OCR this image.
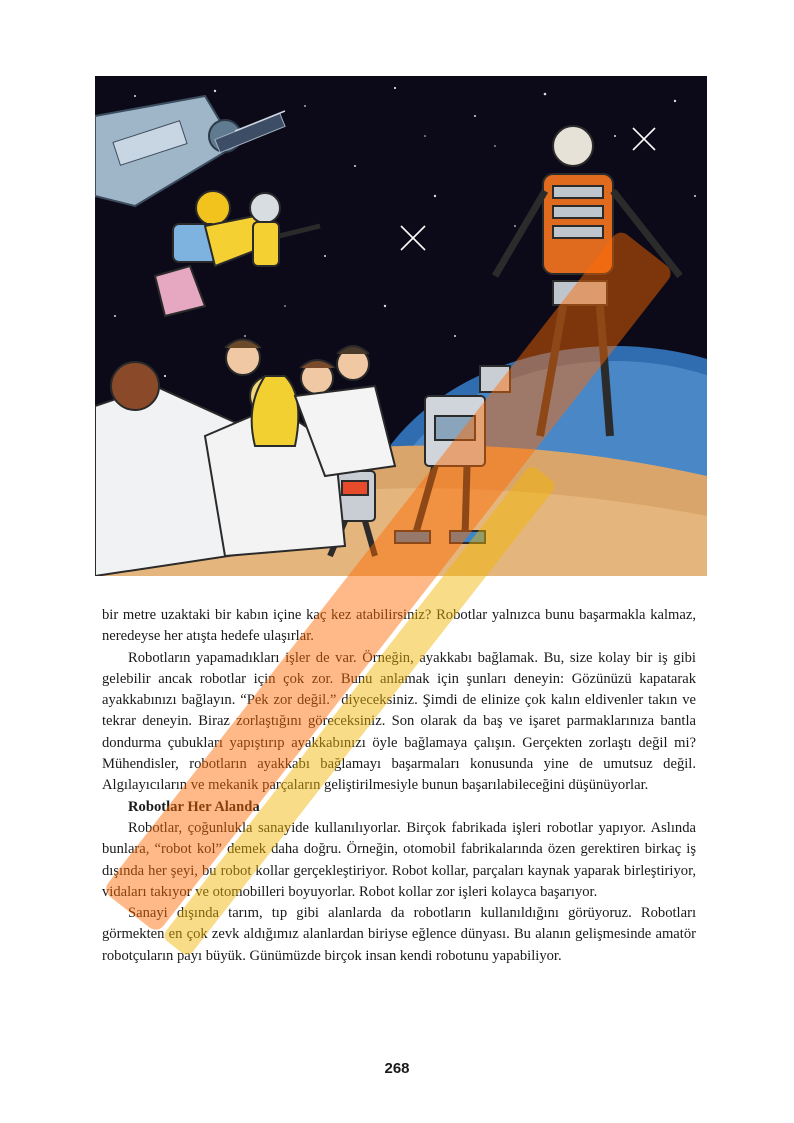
bir metre uzaktaki bir kabın içine kaç kez atabilirsiniz? Robotlar yalnızca bunu başarmakla kalmaz, neredeyse her atışta hedefe ulaşırlar.

Robotların yapamadıkları işler de var. Örneğin, ayakkabı bağlamak. Bu, size kolay bir iş gibi gelebilir ancak robotlar için çok zor. Bunu anlamak için şunları deneyin: Gözünüzü kapatarak ayakkabınızı bağlayın. “Pek zor değil.” diyeceksiniz. Şimdi de elinize çok kalın eldivenler takın ve tekrar deneyin. Biraz zorlaştığını göreceksiniz. Son olarak da baş ve işaret parmaklarınıza bantla dondurma çubukları yapıştırıp ayakkabınızı öyle bağlamaya çalışın. Gerçekten zorlaştı değil mi? Mühendisler, robotların ayakkabı bağlamayı başarmaları konusunda yine de umutsuz değil. Algılayıcıların ve mekanik parçaların geliştirilmesiyle bunun başarılabileceğini düşünüyorlar.

Robotlar Her Alanda

Robotlar, çoğunlukla sanayide kullanılıyorlar. Birçok fabrikada işleri robotlar yapıyor. Aslında bunlara, “robot kol” demek daha doğru. Örneğin, otomobil fabrikalarında özen gerektiren birkaç iş dışında her şeyi, bu robot kollar gerçekleştiriyor. Robot kollar, parçaları kaynak yaparak birleştiriyor, vidaları takıyor ve otomobilleri boyuyorlar. Robot kollar zor işleri kolayca başarıyor.

Sanayi dışında tarım, tıp gibi alanlarda da robotların kullanıldığını görüyoruz. Robotları görmekten en çok zevk aldığımız alanlardan biriyse eğlence dünyası. Bu alanın gelişmesinde amatör robotçuların payı büyük. Günümüzde birçok insan kendi robotunu yapabiliyor.

268
